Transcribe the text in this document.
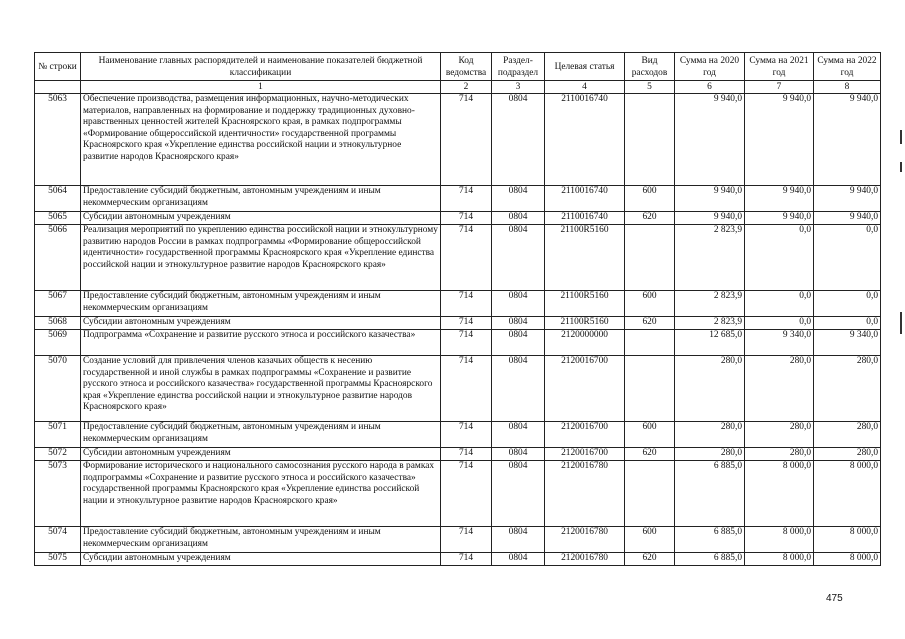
№ строки	Наименование главных распорядителей и наименование показателей бюджетной классификации	Код ведомства	Раздел-подраздел	Целевая статья	Вид расходов	Сумма на 2020 год	Сумма на 2021 год	Сумма на 2022 год
	1	2	3	4	5	6	7	8
5063	Обеспечение производства, размещения информационных, научно-методических материалов, направленных на формирование и поддержку традиционных духовно-нравственных ценностей жителей Красноярского края, в рамках подпрограммы «Формирование общероссийской идентичности» государственной программы Красноярского края «Укрепление единства российской нации и этнокультурное развитие народов Красноярского края»	714	0804	2110016740		9 940,0	9 940,0	9 940,0
5064	Предоставление субсидий бюджетным, автономным учреждениям и иным некоммерческим организациям	714	0804	2110016740	600	9 940,0	9 940,0	9 940,0
5065	Субсидии автономным учреждениям	714	0804	2110016740	620	9 940,0	9 940,0	9 940,0
5066	Реализация мероприятий по укреплению единства российской нации и этнокультурному развитию народов России в рамках подпрограммы «Формирование общероссийской идентичности» государственной программы Красноярского края «Укрепление единства российской нации и этнокультурное развитие народов Красноярского края»	714	0804	21100R5160		2 823,9	0,0	0,0
5067	Предоставление субсидий бюджетным, автономным учреждениям и иным некоммерческим организациям	714	0804	21100R5160	600	2 823,9	0,0	0,0
5068	Субсидии автономным учреждениям	714	0804	21100R5160	620	2 823,9	0,0	0,0
5069	Подпрограмма «Сохранение и развитие русского этноса и российского казачества»	714	0804	2120000000		12 685,0	9 340,0	9 340,0
5070	Создание условий для привлечения членов казачьих обществ к несению государственной и иной службы в рамках подпрограммы «Сохранение и развитие русского этноса и российского казачества» государственной программы Красноярского края «Укрепление единства российской нации и этнокультурное развитие народов Красноярского края»	714	0804	2120016700		280,0	280,0	280,0
5071	Предоставление субсидий бюджетным, автономным учреждениям и иным некоммерческим организациям	714	0804	2120016700	600	280,0	280,0	280,0
5072	Субсидии автономным учреждениям	714	0804	2120016700	620	280,0	280,0	280,0
5073	Формирование исторического и национального самосознания русского народа в рамках подпрограммы «Сохранение и развитие русского этноса и российского казачества» государственной программы Красноярского края «Укрепление единства российской нации и этнокультурное развитие народов Красноярского края»	714	0804	2120016780		6 885,0	8 000,0	8 000,0
5074	Предоставление субсидий бюджетным, автономным учреждениям и иным некоммерческим организациям	714	0804	2120016780	600	6 885,0	8 000,0	8 000,0
5075	Субсидии автономным учреждениям	714	0804	2120016780	620	6 885,0	8 000,0	8 000,0
475
